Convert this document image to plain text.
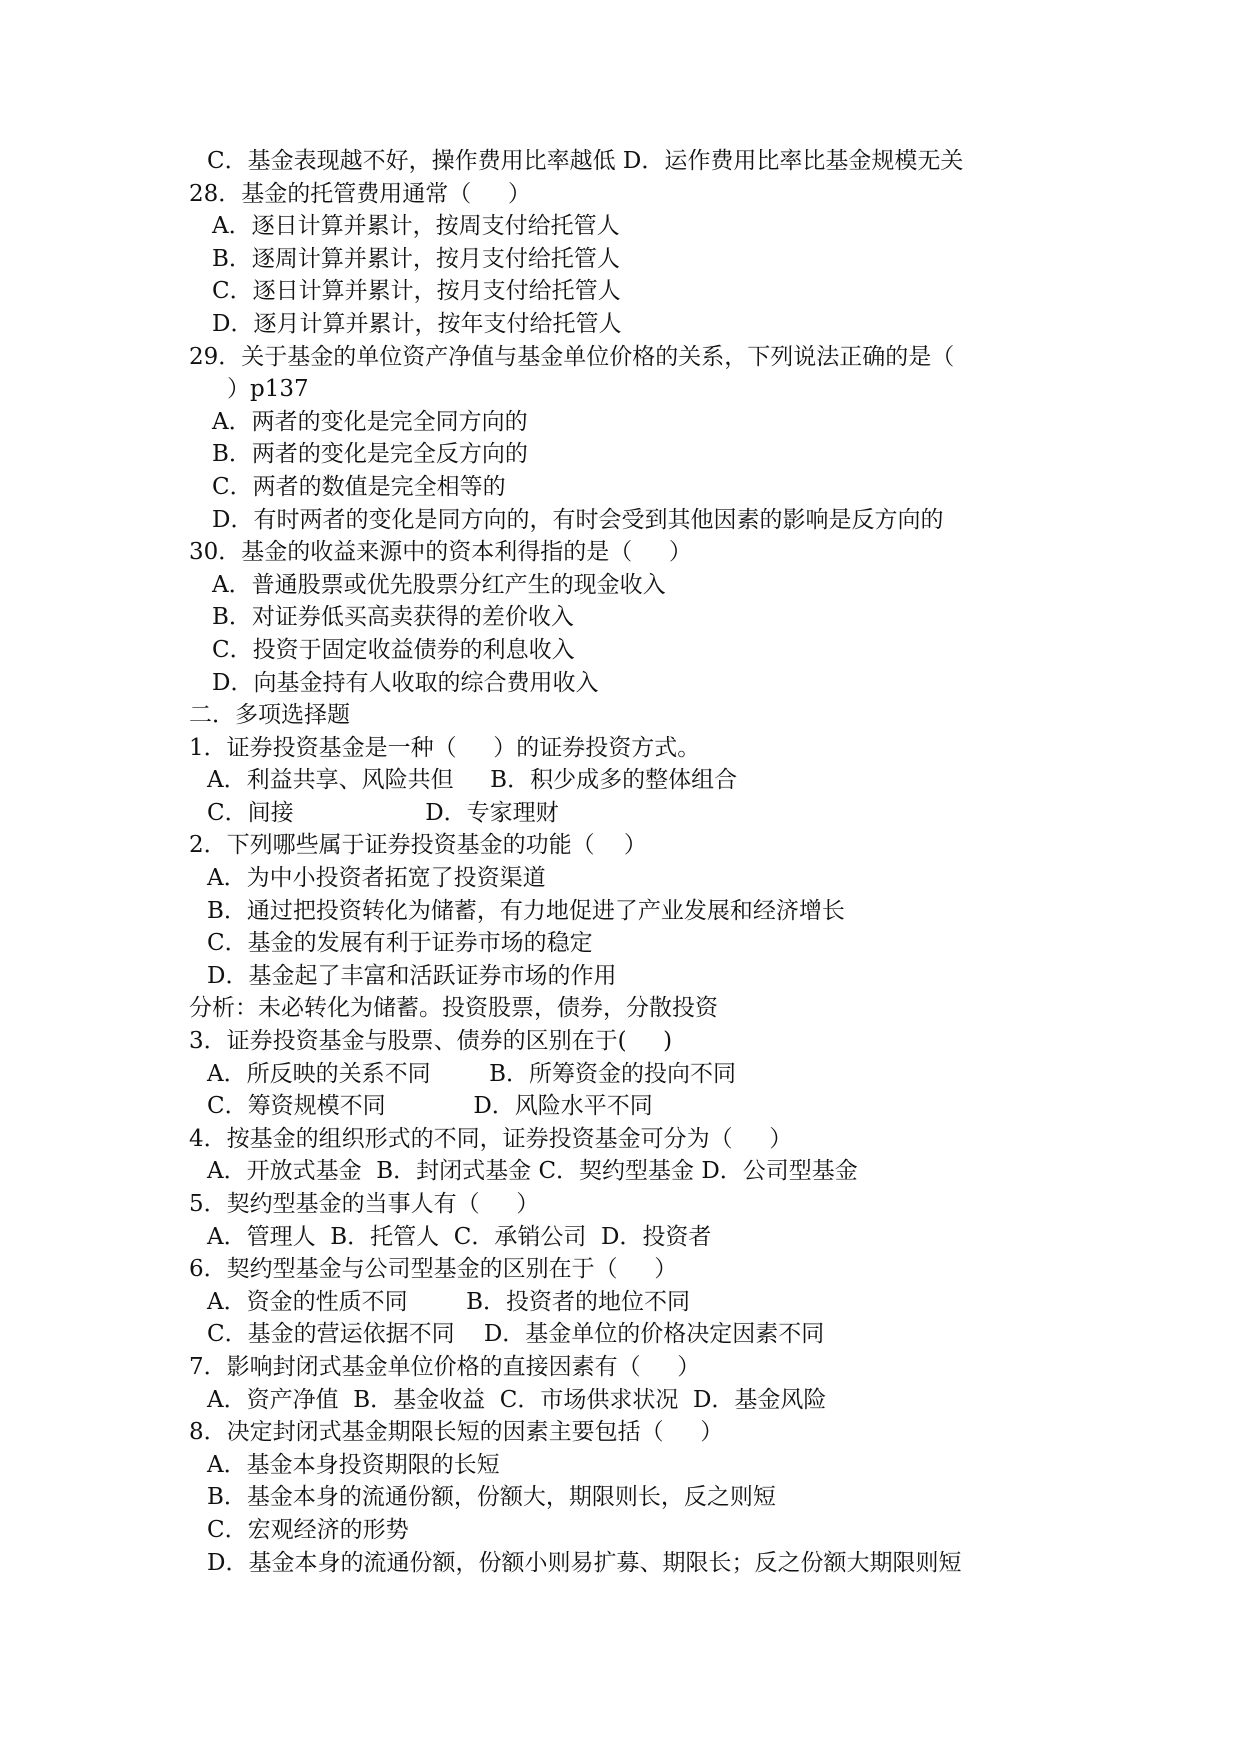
C．基金表现越不好，操作费用比率越低 D．运作费用比率比基金规模无关
28．基金的托管费用通常（     ）
A．逐日计算并累计，按周支付给托管人
B．逐周计算并累计，按月支付给托管人
C．逐日计算并累计，按月支付给托管人
D．逐月计算并累计，按年支付给托管人
29．关于基金的单位资产净值与基金单位价格的关系，下列说法正确的是（
）p137
A．两者的变化是完全同方向的
B．两者的变化是完全反方向的
C．两者的数值是完全相等的
D．有时两者的变化是同方向的，有时会受到其他因素的影响是反方向的
30．基金的收益来源中的资本利得指的是（     ）
A．普通股票或优先股票分红产生的现金收入
B．对证券低买高卖获得的差价收入
C．投资于固定收益债券的利息收入
D．向基金持有人收取的综合费用收入
二．多项选择题
1．证券投资基金是一种（     ）的证券投资方式。
A．利益共享、风险共但     B．积少成多的整体组合
C．间接                  D．专家理财
2．下列哪些属于证券投资基金的功能（    ）
A．为中小投资者拓宽了投资渠道
B．通过把投资转化为储蓄，有力地促进了产业发展和经济增长
C．基金的发展有利于证券市场的稳定
D．基金起了丰富和活跃证券市场的作用
分析：未必转化为储蓄。投资股票，债券，分散投资
3．证券投资基金与股票、债券的区别在于(     )
A．所反映的关系不同        B．所筹资金的投向不同
C．筹资规模不同            D．风险水平不同
4．按基金的组织形式的不同，证券投资基金可分为（     ）
A．开放式基金  B．封闭式基金 C．契约型基金 D．公司型基金
5．契约型基金的当事人有（     ）
A．管理人  B．托管人  C．承销公司  D．投资者
6．契约型基金与公司型基金的区别在于（     ）
A．资金的性质不同        B．投资者的地位不同
C．基金的营运依据不同    D．基金单位的价格决定因素不同
7．影响封闭式基金单位价格的直接因素有（     ）
A．资产净值  B．基金收益  C．市场供求状况  D．基金风险
8．决定封闭式基金期限长短的因素主要包括（     ）
A．基金本身投资期限的长短
B．基金本身的流通份额，份额大，期限则长，反之则短
C．宏观经济的形势
D．基金本身的流通份额，份额小则易扩募、期限长；反之份额大期限则短
